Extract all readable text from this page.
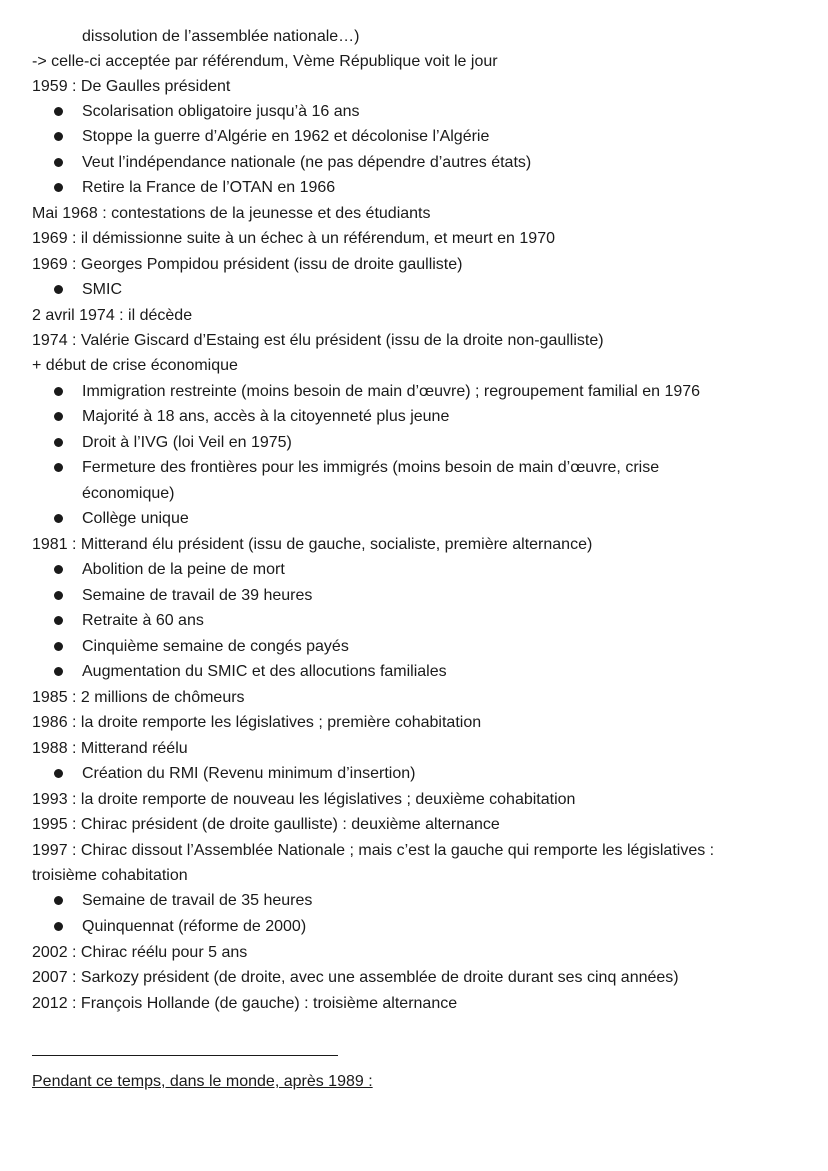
dissolution de l’assemblée nationale…)
-> celle-ci acceptée par référendum, Vème République voit le jour
1959 : De Gaulles président
Scolarisation obligatoire jusqu’à 16 ans
Stoppe la guerre d’Algérie en 1962 et décolonise l’Algérie
Veut l’indépendance nationale (ne pas dépendre d’autres états)
Retire la France de l’OTAN en 1966
Mai 1968 : contestations de la jeunesse et des étudiants
1969 : il démissionne suite à un échec à un référendum, et meurt en 1970
1969 : Georges Pompidou président (issu de droite gaulliste)
SMIC
2 avril 1974 : il décède
1974 : Valérie Giscard d’Estaing est élu président (issu de la droite non-gaulliste)
+ début de crise économique
Immigration restreinte (moins besoin de main d’œuvre) ; regroupement familial en 1976
Majorité à 18 ans, accès à la citoyenneté plus jeune
Droit à l’IVG (loi Veil en 1975)
Fermeture des frontières pour les immigrés (moins besoin de main d’œuvre, crise
économique)
Collège unique
1981 : Mitterand élu président (issu de gauche, socialiste, première alternance)
Abolition de la peine de mort
Semaine de travail de 39 heures
Retraite à 60 ans
Cinquième semaine de congés payés
Augmentation du SMIC et des allocutions familiales
1985 : 2 millions de chômeurs
1986 : la droite remporte les législatives ; première cohabitation
1988 : Mitterand réélu
Création du RMI (Revenu minimum d’insertion)
1993 : la droite remporte de nouveau les législatives ; deuxième cohabitation
1995 : Chirac président (de droite gaulliste) : deuxième alternance
1997 : Chirac dissout l’Assemblée Nationale ; mais c’est la gauche qui remporte les législatives :
troisième cohabitation
Semaine de travail de 35 heures
Quinquennat (réforme de 2000)
2002 : Chirac réélu pour 5 ans
2007 : Sarkozy président (de droite, avec une assemblée de droite durant ses cinq années)
2012 : François Hollande (de gauche) : troisième alternance
Pendant ce temps, dans le monde, après 1989 :
